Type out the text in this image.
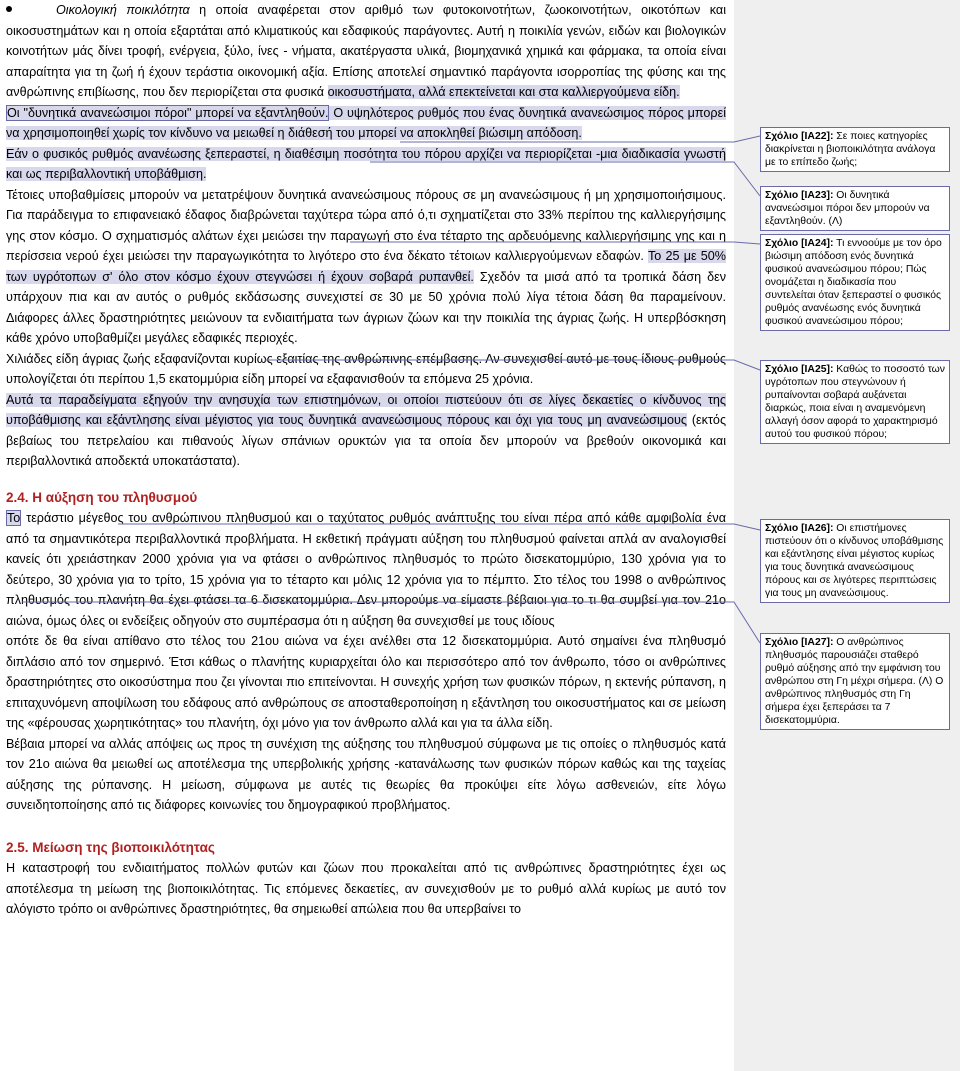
Οικολογική ποικιλότητα η οποία αναφέρεται στον αριθμό των φυτοκοινοτήτων, ζωοκοινοτήτων, οικοτόπων και οικοσυστημάτων και η οποία εξαρτάται από κλιματικούς και εδαφικούς παράγοντες. Αυτή η ποικιλία γενών, ειδών και βιολογικών κοινοτήτων μάς δίνει τροφή, ενέργεια, ξύλο, ίνες - νήματα, ακατέργαστα υλικά, βιομηχανικά χημικά και φάρμακα, τα οποία είναι απαραίτητα για τη ζωή ή έχουν τεράστια οικονομική αξία. Επίσης αποτελεί σημαντικό παράγοντα ισορροπίας της φύσης και της ανθρώπινης επιβίωσης, που δεν περιορίζεται στα φυσικά οικοσυστήματα, αλλά επεκτείνεται και στα καλλιεργούμενα είδη.

Οι "δυνητικά ανανεώσιμοι πόροι" μπορεί να εξαντληθούν. Ο υψηλότερος ρυθμός που ένας δυνητικά ανανεώσιμος πόρος μπορεί να χρησιμοποιηθεί χωρίς τον κίνδυνο να μειωθεί η διάθεσή του μπορεί να αποκληθεί βιώσιμη απόδοση.

Εάν ο φυσικός ρυθμός ανανέωσης ξεπεραστεί, η διαθέσιμη ποσότητα του πόρου αρχίζει να περιορίζεται -μια διαδικασία γνωστή και ως περιβαλλοντική υποβάθμιση.

Τέτοιες υποβαθμίσεις μπορούν να μετατρέψουν δυνητικά ανανεώσιμους πόρους σε μη ανανεώσιμους ή μη χρησιμοποιήσιμους. Για παράδειγμα το επιφανειακό έδαφος διαβρώνεται ταχύτερα τώρα από ό,τι σχηματίζεται στο 33% περίπου της καλλιεργήσιμης γης στον κόσμο. Ο σχηματισμός αλάτων έχει μειώσει την παραγωγή στο ένα τέταρτο της αρδευόμενης καλλιεργήσιμης γης και η περίσσεια νερού έχει μειώσει την παραγωγικότητα το λιγότερο στο ένα δέκατο τέτοιων καλλιεργούμενων εδαφών. Το 25 με 50% των υγρότοπων σ' όλο στον κόσμο έχουν στεγνώσει ή έχουν σοβαρά ρυπανθεί. Σχεδόν τα μισά από τα τροπικά δάση δεν υπάρχουν πια και αν αυτός ο ρυθμός εκδάσωσης συνεχιστεί σε 30 με 50 χρόνια πολύ λίγα τέτοια δάση θα παραμείνουν. Διάφορες άλλες δραστηριότητες μειώνουν τα ενδιαιτήματα των άγριων ζώων και την ποικιλία της άγριας ζωής. Η υπερβόσκηση κάθε χρόνο υποβαθμίζει μεγάλες εδαφικές περιοχές.

Χιλιάδες είδη άγριας ζωής εξαφανίζονται κυρίως εξαιτίας της ανθρώπινης επέμβασης. Αν συνεχισθεί αυτό με τους ίδιους ρυθμούς υπολογίζεται ότι περίπου 1,5 εκατομμύρια είδη μπορεί να εξαφανισθούν τα επόμενα 25 χρόνια.

Αυτά τα παραδείγματα εξηγούν την ανησυχία των επιστημόνων, οι οποίοι πιστεύουν ότι σε λίγες δεκαετίες ο κίνδυνος της υποβάθμισης και εξάντλησης είναι μέγιστος για τους δυνητικά ανανεώσιμους πόρους και όχι για τους μη ανανεώσιμους (εκτός βεβαίως του πετρελαίου και πιθανούς λίγων σπάνιων ορυκτών για τα οποία δεν μπορούν να βρεθούν οικονομικά και περιβαλλοντικά αποδεκτά υποκατάστατα).

2.4. Η αύξηση του πληθυσμού

Το τεράστιο μέγεθος του ανθρώπινου πληθυσμού και ο ταχύτατος ρυθμός ανάπτυξης του είναι πέρα από κάθε αμφιβολία ένα από τα σημαντικότερα περιβαλλοντικά προβλήματα. Η εκθετική πράγματι αύξηση του πληθυσμού φαίνεται απλά αν αναλογισθεί κανείς ότι χρειάστηκαν 2000 χρόνια για να φτάσει ο ανθρώπινος πληθυσμός το πρώτο δισεκατομμύριο, 130 χρόνια για το δεύτερο, 30 χρόνια για το τρίτο, 15 χρόνια για το τέταρτο και μόλις 12 χρόνια για το πέμπτο. Στο τέλος του 1998 ο ανθρώπινος πληθυσμός του πλανήτη θα έχει φτάσει τα 6 δισεκατομμύρια. Δεν μπορούμε να είμαστε βέβαιοι για το τι θα συμβεί για τον 21ο αιώνα, όμως όλες οι ενδείξεις οδηγούν στο συμπέρασμα ότι η αύξηση θα συνεχισθεί με τους ιδίους

οπότε δε θα είναι απίθανο στο τέλος του 21ου αιώνα να έχει ανέλθει στα 12 δισεκατομμύρια. Αυτό σημαίνει ένα πληθυσμό διπλάσιο από τον σημερινό. Έτσι κάθως ο πλανήτης κυριαρχείται όλο και περισσότερο από τον άνθρωπο, τόσο οι ανθρώπινες δραστηριότητες στο οικοσύστημα που ζει γίνονται πιο επιτείνονται. Η συνεχής χρήση των φυσικών πόρων, η εκτενής ρύπανση, η επιταχυνόμενη αποψίλωση του εδάφους από ανθρώπους σε αποσταθεροποίηση η εξάντληση του οικοσυστήματος και σε μείωση της «φέρουσας χωρητικότητας» του πλανήτη, όχι μόνο για τον άνθρωπο αλλά και για τα άλλα είδη.

Βέβαια μπορεί να αλλάς απόψεις ως προς τη συνέχιση της αύξησης του πληθυσμού σύμφωνα με τις οποίες ο πληθυσμός κατά τον 21ο αιώνα θα μειωθεί ως αποτέλεσμα της υπερβολικής χρήσης -κατανάλωσης των φυσικών πόρων καθώς και της ταχείας αύξησης της ρύπανσης. Η μείωση, σύμφωνα με αυτές τις θεωρίες θα προκύψει είτε λόγω ασθενειών, είτε λόγω συνειδητοποίησης από τις διάφορες κοινωνίες του δημογραφικού προβλήματος.

2.5. Μείωση της βιοποικιλότητας

Η καταστροφή του ενδιαιτήματος πολλών φυτών και ζώων που προκαλείται από τις ανθρώπινες δραστηριότητες έχει ως αποτέλεσμα τη μείωση της βιοποικιλότητας. Τις επόμενες δεκαετίες, αν συνεχισθούν με το ρυθμό αλλά κυρίως με αυτό τον αλόγιστο τρόπο οι ανθρώπινες δραστηριότητες, θα σημειωθεί απώλεια που θα υπερβαίνει το

Σχόλιο [IA22]: Σε ποιες κατηγορίες διακρίνεται η βιοποικιλότητα ανάλογα με το επίπεδο ζωής;
Σχόλιο [IA23]: Οι δυνητικά ανανεώσιμοι πόροι δεν μπορούν να εξαντληθούν. (Λ)
Σχόλιο [IA24]: Τι εννοούμε με τον όρο βιώσιμη απόδοση ενός δυνητικά φυσικού ανανεώσιμου πόρου; Πώς ονομάζεται η διαδικασία που συντελείται όταν ξεπεραστεί ο φυσικός ρυθμός ανανέωσης ενός δυνητικά φυσικού ανανεώσιμου πόρου;
Σχόλιο [IA25]: Καθώς το ποσοστό των υγρότοπων που στεγνώνουν ή ρυπαίνονται σοβαρά αυξάνεται διαρκώς, ποια είναι η αναμενόμενη αλλαγή όσον αφορά το χαρακτηρισμό αυτού του φυσικού πόρου;
Σχόλιο [IA26]: Οι επιστήμονες πιστεύουν ότι ο κίνδυνος υποβάθμισης και εξάντλησης είναι μέγιστος κυρίως για τους δυνητικά ανανεώσιμους πόρους και σε λιγότερες περιπτώσεις για τους μη ανανεώσιμους.
Σχόλιο [IA27]: Ο ανθρώπινος πληθυσμός παρουσιάζει σταθερό ρυθμό αύξησης από την εμφάνιση του ανθρώπου στη Γη μέχρι σήμερα. (Λ) Ο ανθρώπινος πληθυσμός στη Γη σήμερα έχει ξεπεράσει τα 7 δισεκατομμύρια.
